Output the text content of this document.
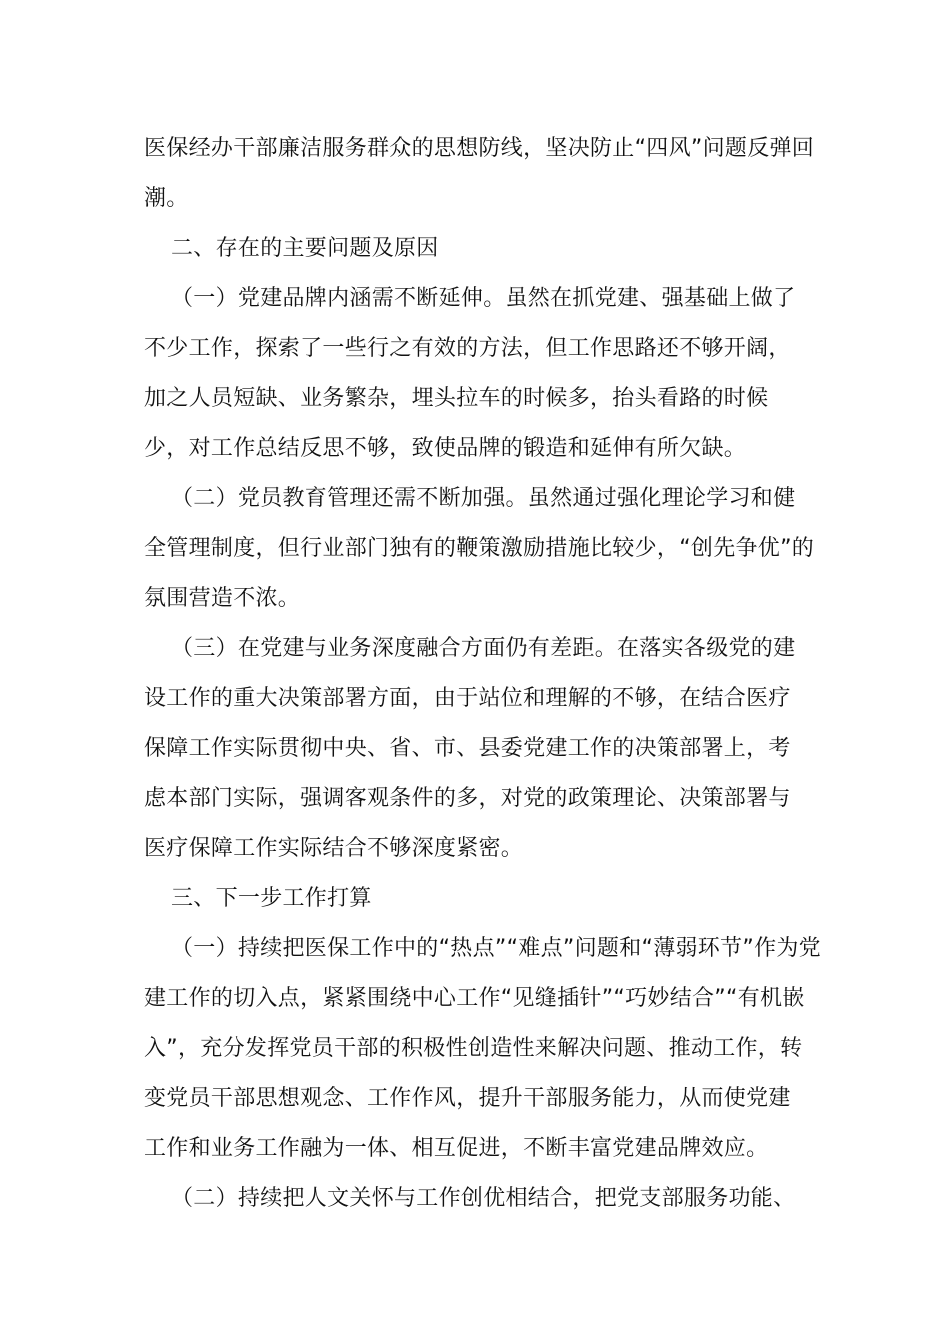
医保经办干部廉洁服务群众的思想防线，坚决防止“四风”问题反弹回
潮。
二、存在的主要问题及原因
（一）党建品牌内涵需不断延伸。虽然在抓党建、强基础上做了
不少工作，探索了一些行之有效的方法，但工作思路还不够开阔，
加之人员短缺、业务繁杂，埋头拉车的时候多，抬头看路的时候
少，对工作总结反思不够，致使品牌的锻造和延伸有所欠缺。
（二）党员教育管理还需不断加强。虽然通过强化理论学习和健
全管理制度，但行业部门独有的鞭策激励措施比较少，“创先争优”的
氛围营造不浓。
（三）在党建与业务深度融合方面仍有差距。在落实各级党的建
设工作的重大决策部署方面，由于站位和理解的不够，在结合医疗
保障工作实际贯彻中央、省、市、县委党建工作的决策部署上，考
虑本部门实际，强调客观条件的多，对党的政策理论、决策部署与
医疗保障工作实际结合不够深度紧密。
三、下一步工作打算
（一）持续把医保工作中的“热点”“难点”问题和“薄弱环节”作为党
建工作的切入点，紧紧围绕中心工作“见缝插针”“巧妙结合”“有机嵌
入”，充分发挥党员干部的积极性创造性来解决问题、推动工作，转
变党员干部思想观念、工作作风，提升干部服务能力，从而使党建
工作和业务工作融为一体、相互促进，不断丰富党建品牌效应。
（二）持续把人文关怀与工作创优相结合，把党支部服务功能、
